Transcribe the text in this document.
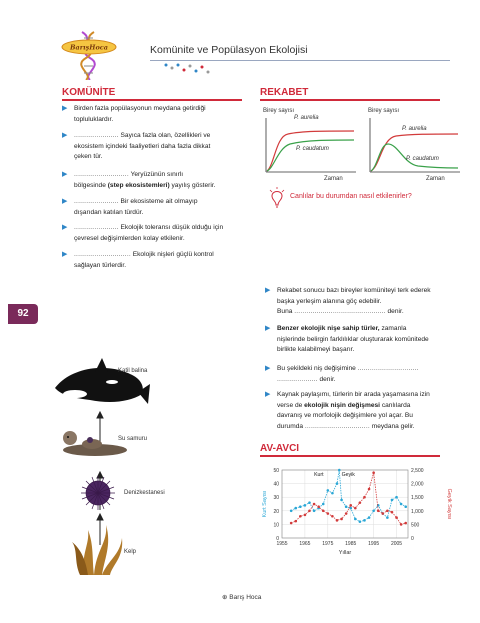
BarışHoca	Komünite ve Popülasyon Ekolojisi
92
KOMÜNİTE
▶ Birden fazla popülasyonun meydana getirdiği
topluluklardır.
▶ ...................... Sayıca fazla olan, özellikleri ve
ekosistem içindeki faaliyetleri daha fazla dikkat
çeken tür.
▶ ........................... Yeryüzünün sınırlı
bölgesinde (step ekosistemleri) yayılış gösterir.
▶ ...................... Bir ekosisteme ait olmayıp
dışarıdan katılan türdür.
▶ ...................... Ekolojik toleransı düşük olduğu için
çevresel değişimlerden kolay etkilenir.
▶ ............................ Ekolojik nişleri güçlü kontrol
sağlayan türlerdir.
Katil balina
Su samuru
Denizkestanesi
Kelp
REKABET
Birey sayısı
P. aurelia
P. caudatum
Zaman
Birey sayısı
P. aurelia
P. caudatum
Zaman
Canlılar bu durumdan nasıl etkilenirler?
▶ Rekabet sonucu bazı bireyler komüniteyi terk ederek
başka yerleşim alanına göç edebilir.
Buna ............................................. denir.
▶ Benzer ekolojik nişe sahip türler, zamanla
nişlerinde belirgin farklılıklar oluşturarak komünitede
birlikte kalabilmeyi başarır.
▶ Bu şekildeki niş değişimine ..............................
.................... denir.
▶ Kaynak paylaşımı, türlerin bir arada yaşamasına izin
verse de ekolojik nişin değişmesi canlılarda
davranış ve morfolojik değişimlere yol açar. Bu
durumda ................................ meydana gelir.
AV-AVCI
0
10
20
30
40
50
0
500
1,000
1,500
2,000
2,500
1955 1965 1975 1985 1995 2005
Kurt	Geyik
Yıllar
Kurt Sayısı	Geyik Sayısı
⊕ Barış Hoca
